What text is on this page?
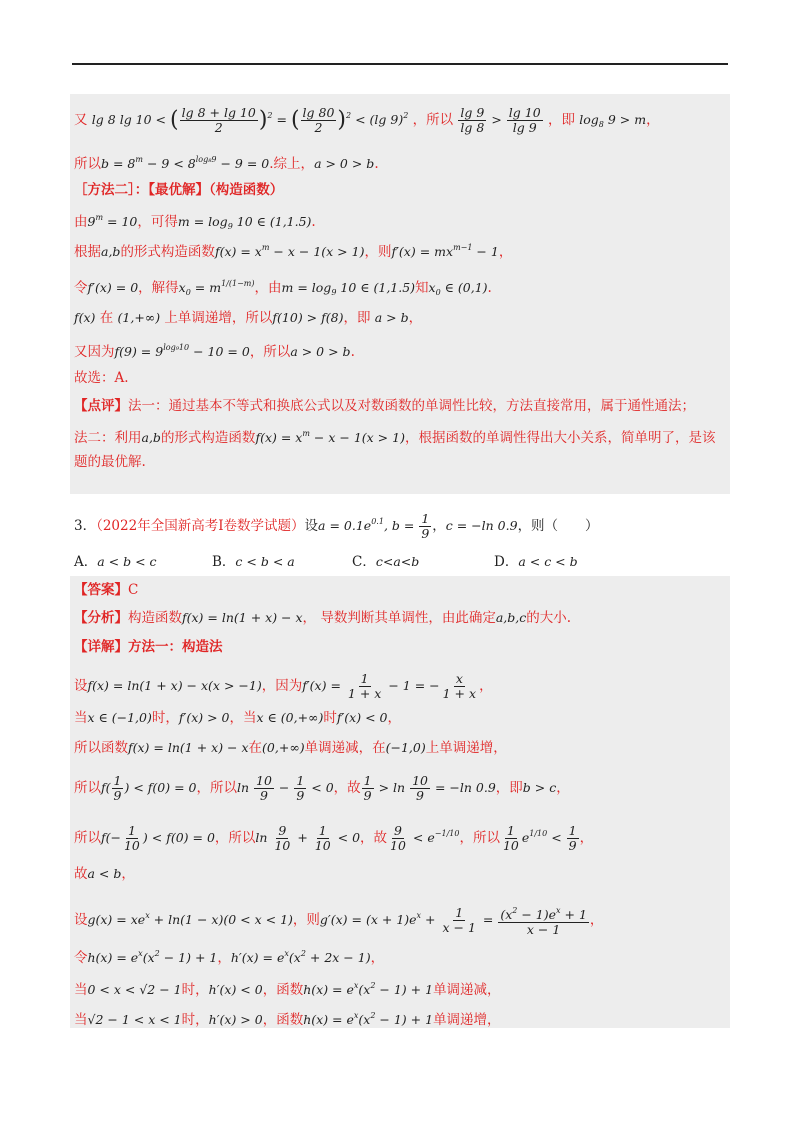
又 lg 8 lg 10 < ( $\frac{\lg 8 + \lg 10}{2} )^2$ = ( $\frac{\lg 80}{2} )^2 < (\lg$ 9)$^2$ ，所以 $\frac{\lg 9}{\lg 8} > \frac{\lg 10}{\lg 9}$ ，即 $\log_8 9 > m$，
所以$b = 8^m - 9 < 8^{log_89} - 9 = 0$.综上，a > 0 > b.
［方法二］：【最优解】（构造函数）
由$9^m = 10$，可得$m = \log_9 10$ ∈ (1,1.5).
根据a,b的形式构造函数$f(x) = x^m - x - 1(x > 1)$，则$f'(x) = mx^{m-1} - 1$，
令f′(x) = 0，解得$x_0 = m^{1/(1-m)}$，由$m = \log_9 10$ ∈ (1,1.5)知$x_0$ ∈ (0,1).
f(x) 在 (1,+∞) 上单调递增，所以f(10) > f(8)，即 a > b，
又因为$f(9) = 9^{log_910} - 10 = 0$，所以a > 0 > b.
故选：A.
【点评】法一：通过基本不等式和换底公式以及对数函数的单调性比较，方法直接常用，属于通性通法；
法二：利用a,b的形式构造函数$f(x) = x^m - x - 1(x > 1)$，根据函数的单调性得出大小关系，简单明了，是该
题的最优解.
3．（2022年全国新高考Ⅰ卷数学试题）设$a = 0.1e^{0.1}$, $b = \frac{1}{9}$ ，c = −ln 0.9，则（　　）
A．a < b < c	B．c < b < a	C．c<a<b	D．a < c < b
【答案】C
【分析】构造函数f(x) = ln(1 + x) − x， 导数判断其单调性，由此确定a,b,c的大小.
【详解】方法一：构造法
设f(x) = ln(1 + x) − x(x > −1)，因为$f'(x) = \frac{1}{1 + x} - 1$ = − $\frac{x}{1 + x}$ ，
当x ∈ (−1,0)时，f′(x) > 0，当x ∈ (0,+∞)时f′(x) < 0，
所以函数f(x) = ln(1 + x) − x在(0,+∞)单调递减，在(−1,0)上单调递增，
所以$f( \frac{1}{9}$ ) < f(0) = 0，所以$\ln \frac{10}{9} - \frac{1}{9} < 0$，故 $\frac{1}{9} > \ln \frac{10}{9} = -\ln$ 0.9，即b > c，
所以$f(- \frac{1}{10}$ ) < f(0) = 0，所以$\ln \frac{9}{10} + \frac{1}{10} < 0$，故 $\frac{9}{10} < e^{-1/10}$，所以 $\frac{1}{10} e^{1/10} < \frac{1}{9}$ ，
故a < b，
设$g(x) = xe^x + \ln(1 - x)(0 < x < 1)$，则$g'(x) = (x + 1)e^x + \frac{1}{x - 1} = \frac{(x^2 - 1)e^x + 1}{x - 1}$ ，
令$h(x) = e^x(x^2 - 1) + 1$，$h'(x) = e^x(x^2 + 2x - 1)$，
当0 < x < √2 − 1时，h′(x) < 0，函数$h(x) = e^x(x^2 - 1) + 1$单调递减，
当√2 − 1 < x < 1时，h′(x) > 0，函数$h(x) = e^x(x^2 - 1) + 1$单调递增，
